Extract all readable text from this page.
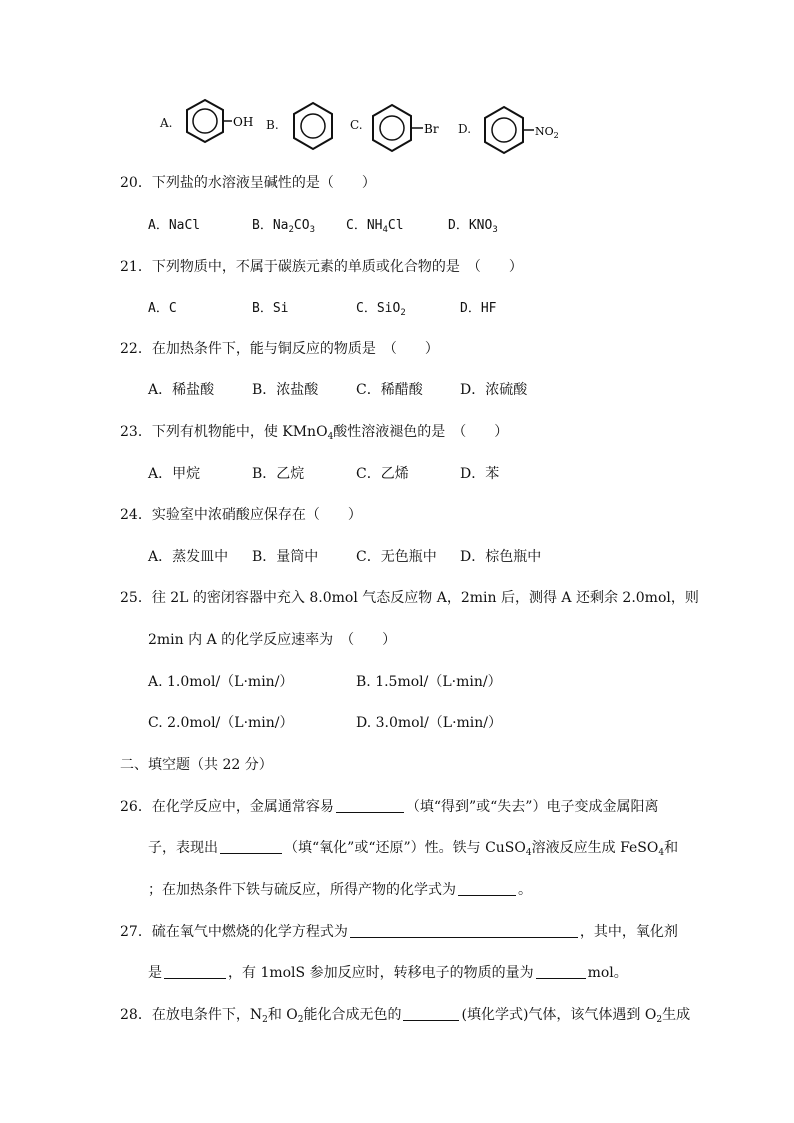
A.	OH B.	C.	Br D.	$NO_2$
20．下列盐的水溶液呈碱性的是（　　）
A．NaCl	B．$Na_2CO_3$ C．$NH_4Cl$	D．$KNO_3$
21．下列物质中，不属于碳族元素的单质或化合物的是　（　　）
A．C	B．Si	C．SiO$_2$	D．HF
22．在加热条件下，能与铜反应的物质是　（　　）
A．稀盐酸	B．浓盐酸	C．稀醋酸	D．浓硫酸
23．下列有机物能中，使 KMnO$_4$酸性溶液褪色的是　（　　）
A．甲烷	B．乙烷	C．乙烯	D．苯
24．实验室中浓硝酸应保存在（　　）
A．蒸发皿中 B．量筒中	C．无色瓶中 D．棕色瓶中
25．往 2L 的密闭容器中充入 8.0mol 气态反应物 A，2min 后，测得 A 还剩余 2.0mol，则
2min 内 A 的化学反应速率为　（　　）
A. 1.0mol/（L·min/）	B. 1.5mol/（L·min/）
C. 2.0mol/（L·min/）	D. 3.0mol/（L·min/）
二、填空题（共 22 分）
26．在化学反应中，金属通常容易	（填“得到”或“失去”）电子变成金属阳离
子，表现出	（填“氧化”或“还原”）性。铁与 CuSO$_4$溶液反应生成 FeSO$_4$和
；在加热条件下铁与硫反应，所得产物的化学式为	。
27．硫在氧气中燃烧的化学方程式为	，其中，氧化剂
是	，有 1molS 参加反应时，转移电子的物质的量为	mol。
28．在放电条件下，$N_2$和 $O_2$能化合成无色的	(填化学式)气体，该气体遇到 $O_2$生成
